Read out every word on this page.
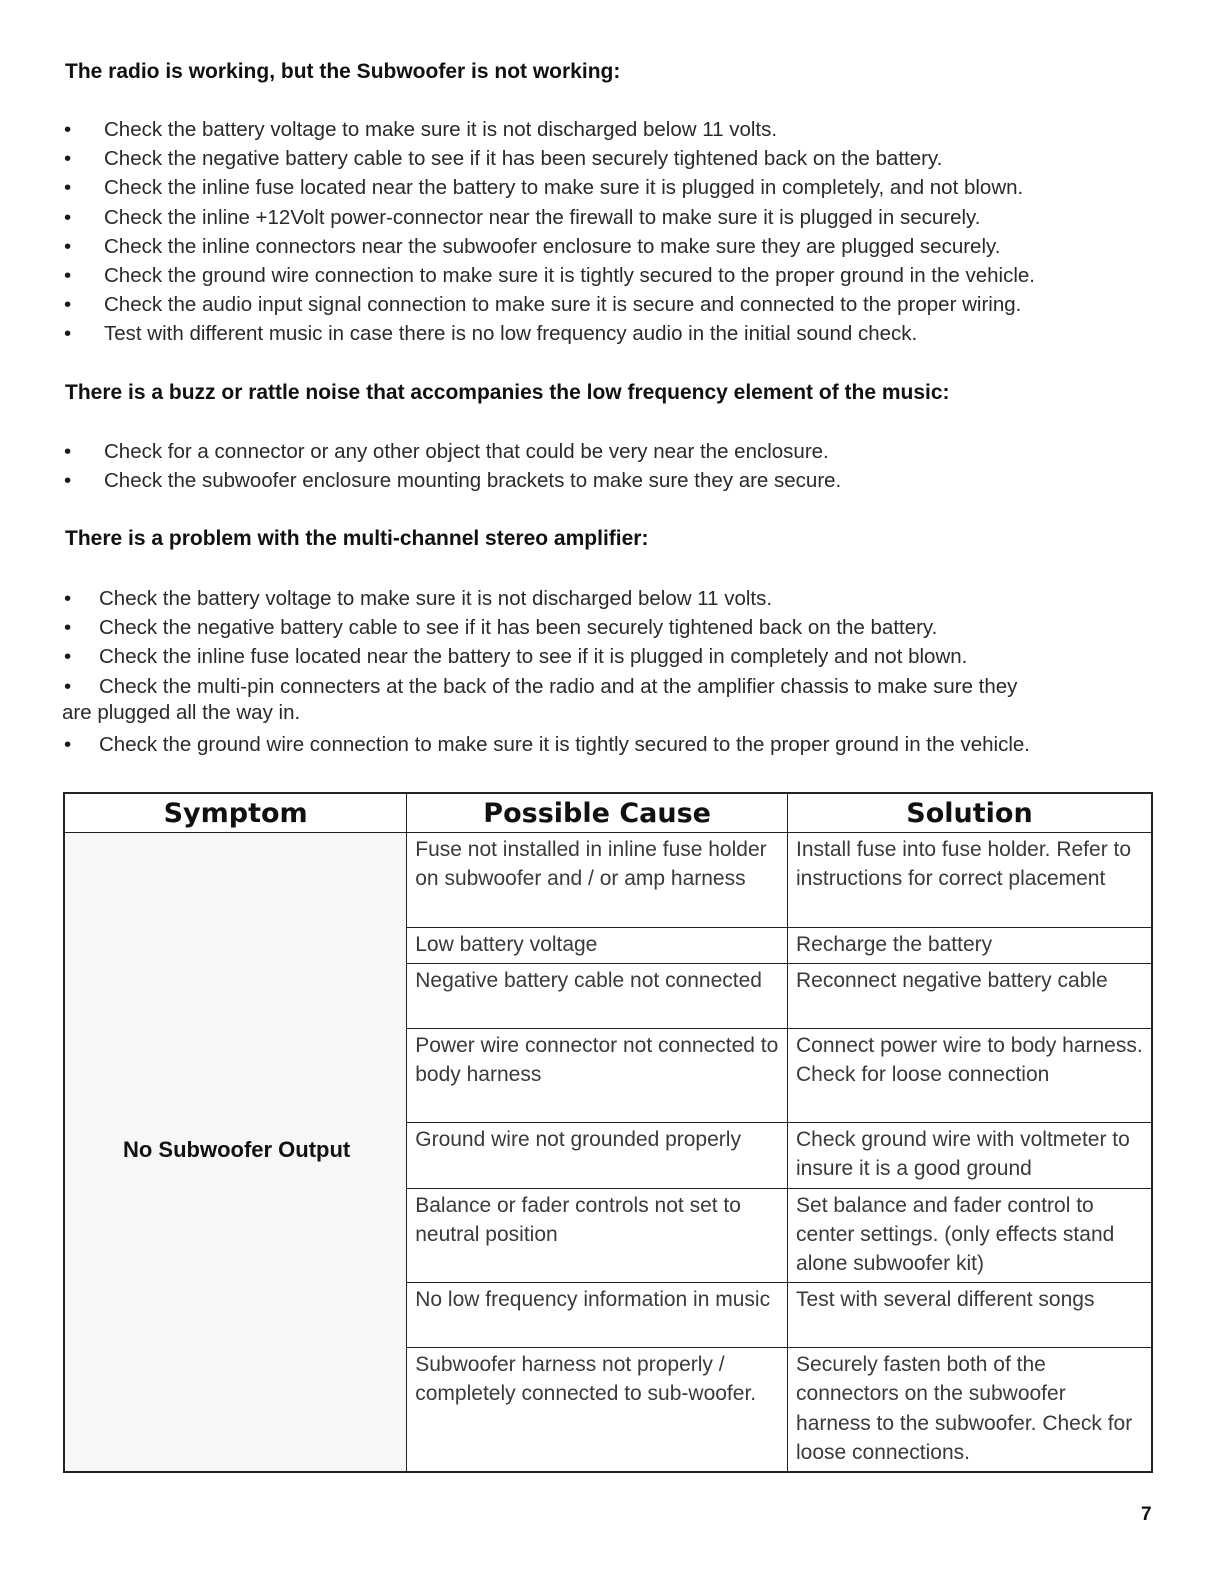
The radio is working, but the Subwoofer is not working:
• Check the battery voltage to make sure it is not discharged below 11 volts.
• Check the negative battery cable to see if it has been securely tightened back on the battery.
• Check the inline fuse located near the battery to make sure it is plugged in completely, and not blown.
• Check the inline +12Volt power-connector near the firewall to make sure it is plugged in securely.
• Check the inline connectors near the subwoofer enclosure to make sure they are plugged securely.
• Check the ground wire connection to make sure it is tightly secured to the proper ground in the vehicle.
• Check the audio input signal connection to make sure it is secure and connected to the proper wiring.
• Test with different music in case there is no low frequency audio in the initial sound check.
There is a buzz or rattle noise that accompanies the low frequency element of the music:
• Check for a connector or any other object that could be very near the enclosure.
• Check the subwoofer enclosure mounting brackets to make sure they are secure.
There is a problem with the multi-channel stereo amplifier:
• Check the battery voltage to make sure it is not discharged below 11 volts.
• Check the negative battery cable to see if it has been securely tightened back on the battery.
• Check the inline fuse located near the battery to see if it is plugged in completely and not blown.
• Check the multi-pin connecters at the back of the radio and at the amplifier chassis to make sure they
• Check the ground wire connection to make sure it is tightly secured to the proper ground in the vehicle.
are plugged all the way in.
Symptom	Possible Cause	Solution
No Subwoofer Output	Fuse not installed in inline fuse holder on subwoofer and / or amp harness	Install fuse into fuse holder. Refer to instructions for correct placement
	Low battery voltage	Recharge the battery
	Negative battery cable not connected	Reconnect negative battery cable
	Power wire connector not connected to body harness	Connect power wire to body harness. Check for loose connection
	Ground wire not grounded properly	Check ground wire with voltmeter to insure it is a good ground
	Balance or fader controls not set to neutral position	Set balance and fader control to center settings. (only effects stand alone subwoofer kit)
	No low frequency information in music	Test with several different songs
	Subwoofer harness not properly / completely connected to sub-woofer.	Securely fasten both of the connectors on the subwoofer harness to the subwoofer. Check for loose connections.
7
